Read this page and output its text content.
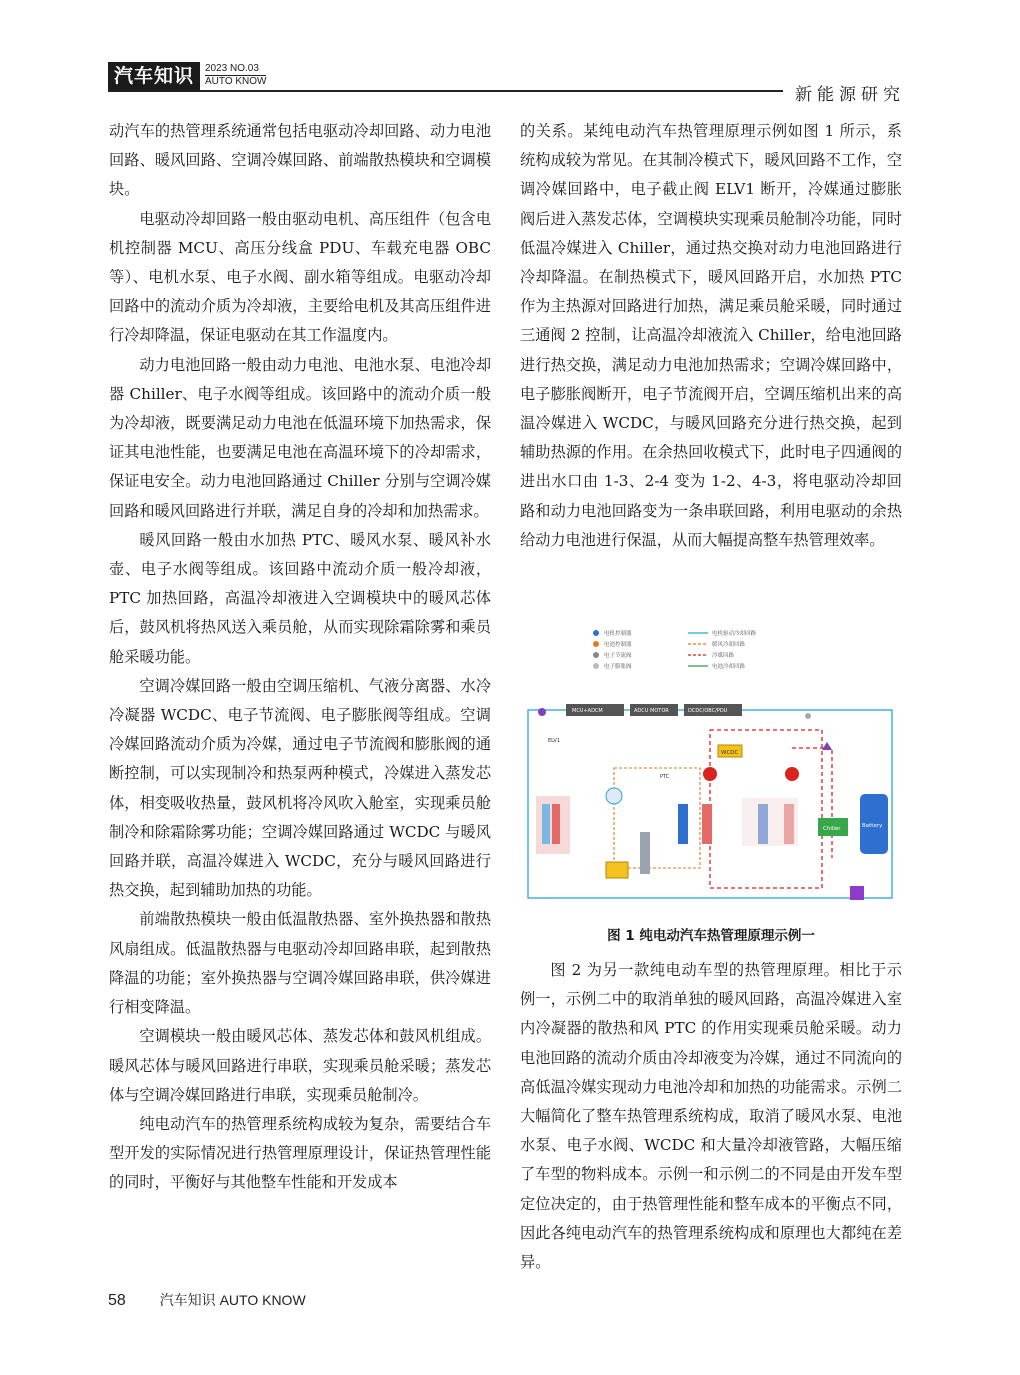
汽车知识	2023 NO.03
AUTO KNOW
新能源研究

动汽车的热管理系统通常包括电驱动冷却回路、动力电池回路、暖风回路、空调冷媒回路、前端散热模块和空调模块。

电驱动冷却回路一般由驱动电机、高压组件（包含电机控制器 MCU、高压分线盒 PDU、车载充电器 OBC 等）、电机水泵、电子水阀、副水箱等组成。电驱动冷却回路中的流动介质为冷却液，主要给电机及其高压组件进行冷却降温，保证电驱动在其工作温度内。

动力电池回路一般由动力电池、电池水泵、电池冷却器 Chiller、电子水阀等组成。该回路中的流动介质一般为冷却液，既要满足动力电池在低温环境下加热需求，保证其电池性能，也要满足电池在高温环境下的冷却需求，保证电安全。动力电池回路通过 Chiller 分别与空调冷媒回路和暖风回路进行并联，满足自身的冷却和加热需求。

暖风回路一般由水加热 PTC、暖风水泵、暖风补水壶、电子水阀等组成。该回路中流动介质一般冷却液，PTC 加热回路，高温冷却液进入空调模块中的暖风芯体后，鼓风机将热风送入乘员舱，从而实现除霜除雾和乘员舱采暖功能。

空调冷媒回路一般由空调压缩机、气液分离器、水冷冷凝器 WCDC、电子节流阀、电子膨胀阀等组成。空调冷媒回路流动介质为冷媒，通过电子节流阀和膨胀阀的通断控制，可以实现制冷和热泵两种模式，冷媒进入蒸发芯体，相变吸收热量，鼓风机将冷风吹入舱室，实现乘员舱制冷和除霜除雾功能；空调冷媒回路通过 WCDC 与暖风回路并联，高温冷媒进入 WCDC，充分与暖风回路进行热交换，起到辅助加热的功能。

前端散热模块一般由低温散热器、室外换热器和散热风扇组成。低温散热器与电驱动冷却回路串联，起到散热降温的功能；室外换热器与空调冷媒回路串联，供冷媒进行相变降温。

空调模块一般由暖风芯体、蒸发芯体和鼓风机组成。暖风芯体与暖风回路进行串联，实现乘员舱采暖；蒸发芯体与空调冷媒回路进行串联，实现乘员舱制冷。

纯电动汽车的热管理系统构成较为复杂，需要结合车型开发的实际情况进行热管理原理设计，保证热管理性能的同时，平衡好与其他整车性能和开发成本

的关系。某纯电动汽车热管理原理示例如图 1 所示，系统构成较为常见。在其制冷模式下，暖风回路不工作，空调冷媒回路中，电子截止阀 ELV1 断开，冷媒通过膨胀阀后进入蒸发芯体，空调模块实现乘员舱制冷功能，同时低温冷媒进入 Chiller，通过热交换对动力电池回路进行冷却降温。在制热模式下，暖风回路开启，水加热 PTC 作为主热源对回路进行加热，满足乘员舱采暖，同时通过三通阀 2 控制，让高温冷却液流入 Chiller，给电池回路进行热交换，满足动力电池加热需求；空调冷媒回路中，电子膨胀阀断开，电子节流阀开启，空调压缩机出来的高温冷媒进入 WCDC，与暖风回路充分进行热交换，起到辅助热源的作用。在余热回收模式下，此时电子四通阀的进出水口由 1-3、2-4 变为 1-2、4-3，将电驱动冷却回路和动力电池回路变为一条串联回路，利用电驱动的余热给动力电池进行保温，从而大幅提高整车热管理效率。

电机控制器
电池控制器
电子节流阀
电子膨胀阀
电机驱动冷却回路
暖风冷却回路
冷媒回路
电池冷却回路
MCU+ADCM	ADCU MOTOR	DCDC/OBC/PDU
WCDC
PTC
Chiller	Battery
ELV1
图 1 纯电动汽车热管理原理示例一

图 2 为另一款纯电动车型的热管理原理。相比于示例一，示例二中的取消单独的暖风回路，高温冷媒进入室内冷凝器的散热和风 PTC 的作用实现乘员舱采暖。动力电池回路的流动介质由冷却液变为冷媒，通过不同流向的高低温冷媒实现动力电池冷却和加热的功能需求。示例二大幅简化了整车热管理系统构成，取消了暖风水泵、电池水泵、电子水阀、WCDC 和大量冷却液管路，大幅压缩了车型的物料成本。示例一和示例二的不同是由开发车型定位决定的，由于热管理性能和整车成本的平衡点不同，因此各纯电动汽车的热管理系统构成和原理也大都纯在差异。

58 汽车知识 AUTO KNOW
